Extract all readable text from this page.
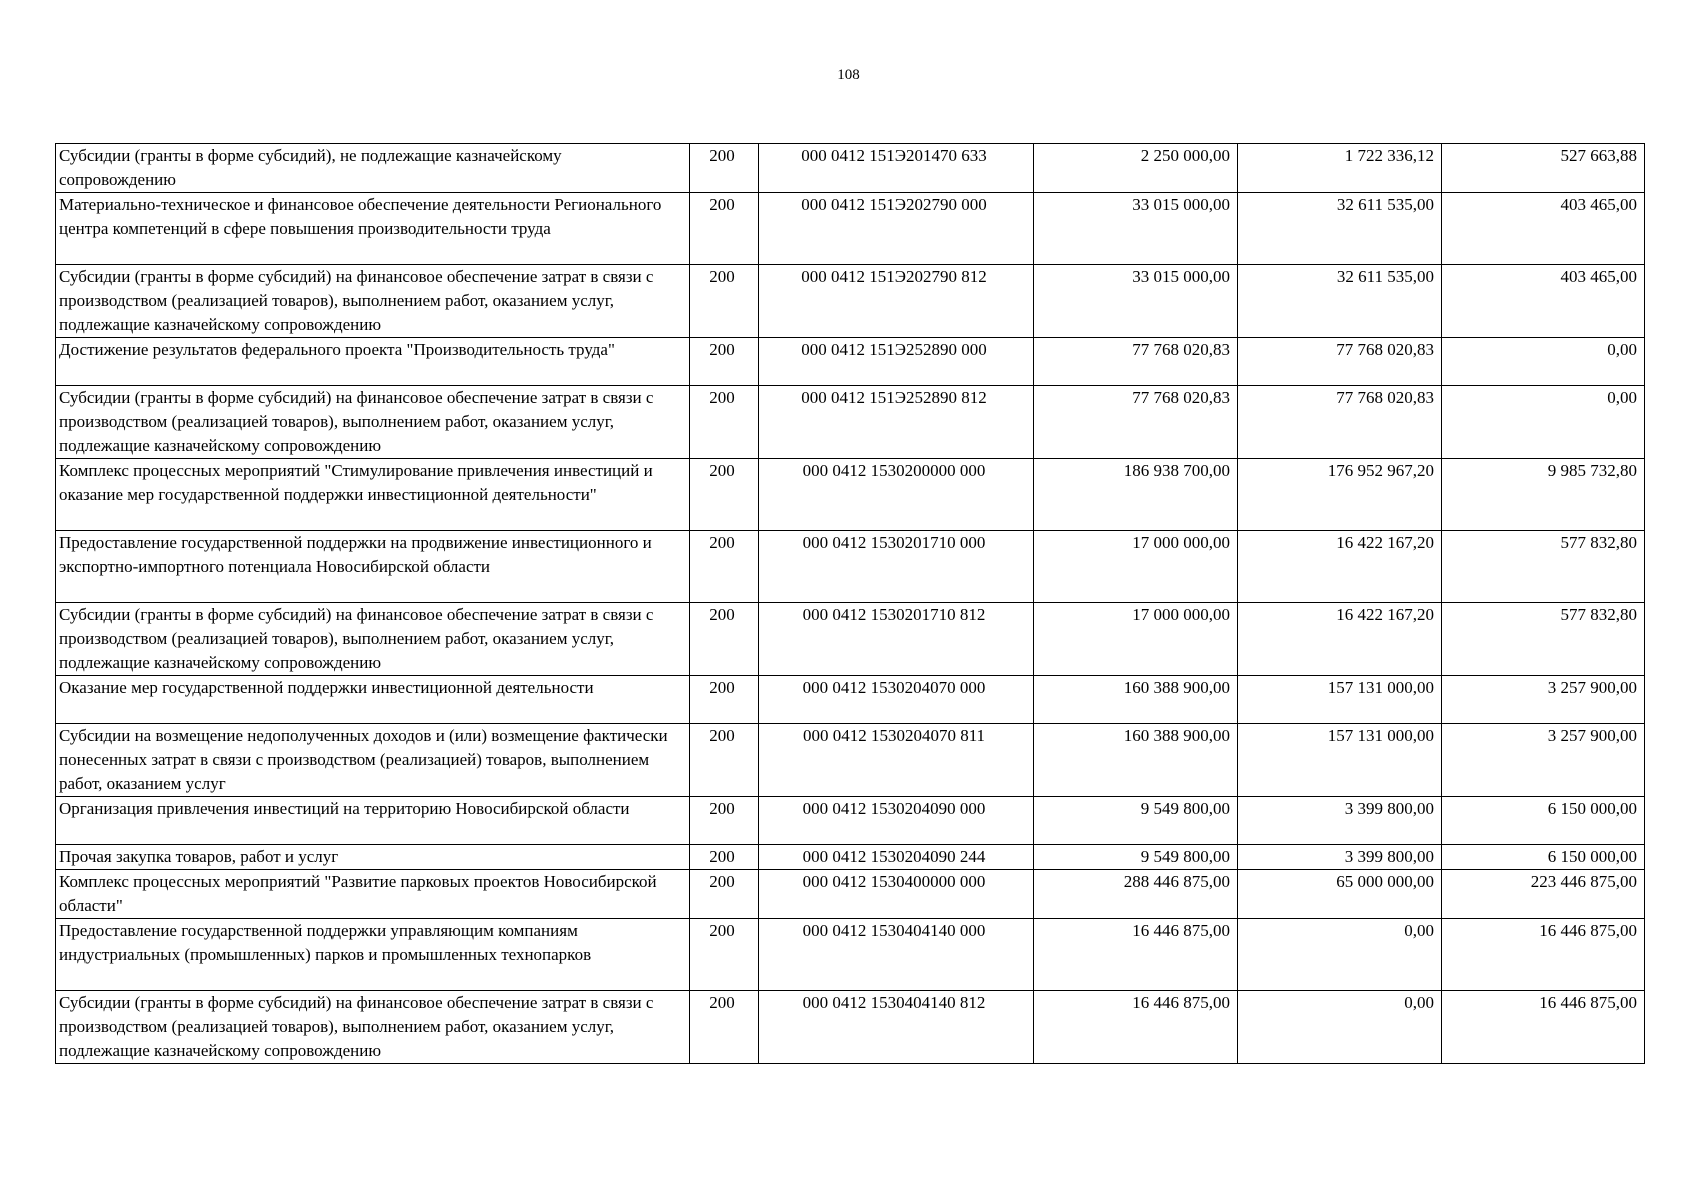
108
Субсидии (гранты в форме субсидий), не подлежащие казначейскому сопровождению	200	000 0412 151Э201470 633	2 250 000,00	1 722 336,12	527 663,88
Материально-техническое и финансовое обеспечение деятельности Регионального центра компетенций в сфере повышения производительности труда	200	000 0412 151Э202790 000	33 015 000,00	32 611 535,00	403 465,00
Субсидии (гранты в форме субсидий) на финансовое обеспечение затрат в связи с производством (реализацией товаров), выполнением работ, оказанием услуг, подлежащие казначейскому сопровождению	200	000 0412 151Э202790 812	33 015 000,00	32 611 535,00	403 465,00
Достижение результатов федерального проекта "Производительность труда"	200	000 0412 151Э252890 000	77 768 020,83	77 768 020,83	0,00
Субсидии (гранты в форме субсидий) на финансовое обеспечение затрат в связи с производством (реализацией товаров), выполнением работ, оказанием услуг, подлежащие казначейскому сопровождению	200	000 0412 151Э252890 812	77 768 020,83	77 768 020,83	0,00
Комплекс процессных мероприятий "Стимулирование привлечения инвестиций и оказание мер государственной поддержки инвестиционной деятельности"	200	000 0412 1530200000 000	186 938 700,00	176 952 967,20	9 985 732,80
Предоставление государственной поддержки на продвижение инвестиционного и экспортно-импортного потенциала Новосибирской области	200	000 0412 1530201710 000	17 000 000,00	16 422 167,20	577 832,80
Субсидии (гранты в форме субсидий) на финансовое обеспечение затрат в связи с производством (реализацией товаров), выполнением работ, оказанием услуг, подлежащие казначейскому сопровождению	200	000 0412 1530201710 812	17 000 000,00	16 422 167,20	577 832,80
Оказание мер государственной поддержки инвестиционной деятельности	200	000 0412 1530204070 000	160 388 900,00	157 131 000,00	3 257 900,00
Субсидии на возмещение недополученных доходов и (или) возмещение фактически понесенных затрат в связи с производством (реализацией) товаров, выполнением работ, оказанием услуг	200	000 0412 1530204070 811	160 388 900,00	157 131 000,00	3 257 900,00
Организация привлечения инвестиций на территорию Новосибирской области	200	000 0412 1530204090 000	9 549 800,00	3 399 800,00	6 150 000,00
Прочая закупка товаров, работ и услуг	200	000 0412 1530204090 244	9 549 800,00	3 399 800,00	6 150 000,00
Комплекс процессных мероприятий "Развитие парковых проектов Новосибирской области"	200	000 0412 1530400000 000	288 446 875,00	65 000 000,00	223 446 875,00
Предоставление государственной поддержки управляющим компаниям индустриальных (промышленных) парков и промышленных технопарков	200	000 0412 1530404140 000	16 446 875,00	0,00	16 446 875,00
Субсидии (гранты в форме субсидий) на финансовое обеспечение затрат в связи с производством (реализацией товаров), выполнением работ, оказанием услуг, подлежащие казначейскому сопровождению	200	000 0412 1530404140 812	16 446 875,00	0,00	16 446 875,00
